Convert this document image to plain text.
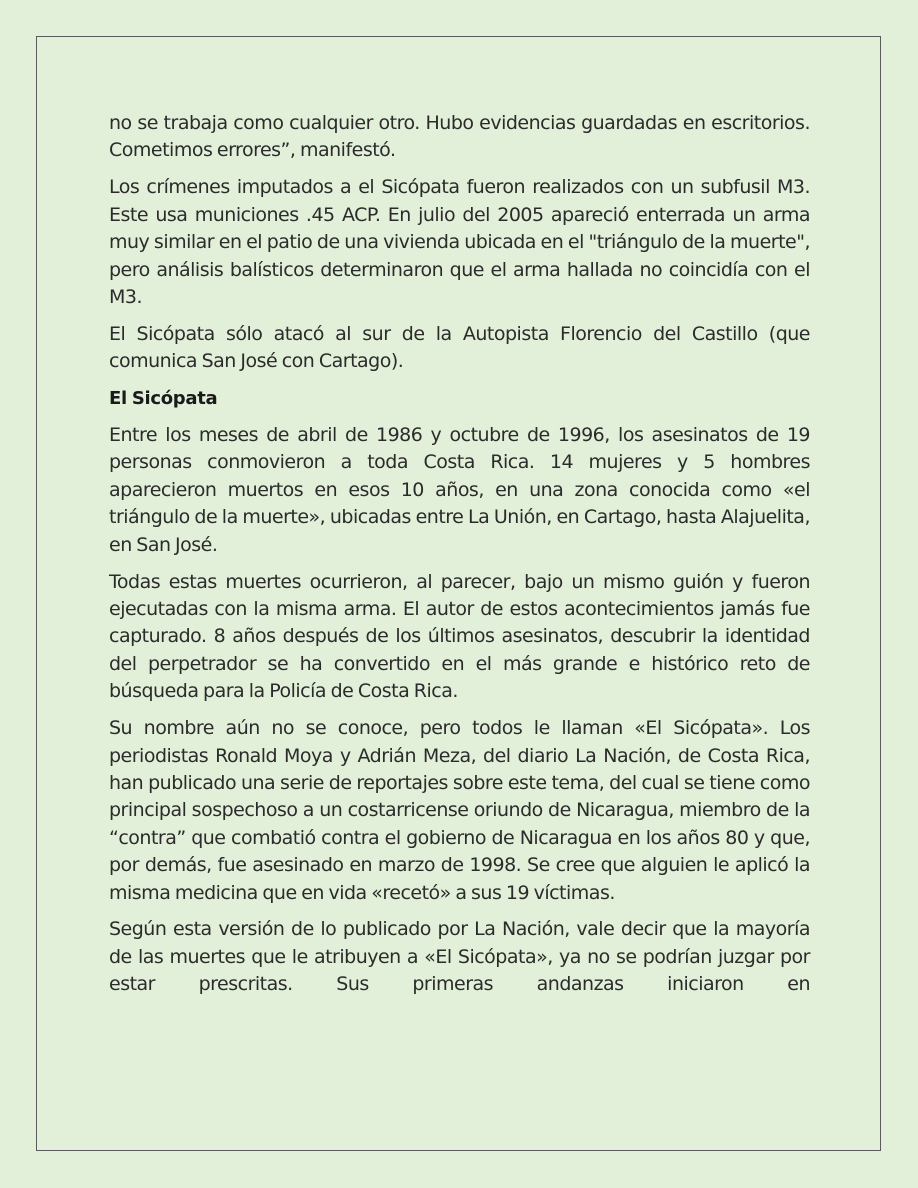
no se trabaja como cualquier otro. Hubo evidencias guardadas en escritorios. Cometimos errores”, manifestó.

Los crímenes imputados a el Sicópata fueron realizados con un subfusil M3. Este usa municiones .45 ACP. En julio del 2005 apareció enterrada un arma muy similar en el patio de una vivienda ubicada en el "triángulo de la muerte", pero análisis balísticos determinaron que el arma hallada no coincidía con el M3.

El Sicópata sólo atacó al sur de la Autopista Florencio del Castillo (que comunica San José con Cartago).

El Sicópata

Entre los meses de abril de 1986 y octubre de 1996, los asesinatos de 19 personas conmovieron a toda Costa Rica. 14 mujeres y 5 hombres aparecieron muertos en esos 10 años, en una zona conocida como «el triángulo de la muerte», ubicadas entre La Unión, en Cartago, hasta Alajuelita, en San José.

Todas estas muertes ocurrieron, al parecer, bajo un mismo guión y fueron ejecutadas con la misma arma. El autor de estos acontecimientos jamás fue capturado. 8 años después de los últimos asesinatos, descubrir la identidad del perpetrador se ha convertido en el más grande e histórico reto de búsqueda para la Policía de Costa Rica.

Su nombre aún no se conoce, pero todos le llaman «El Sicópata». Los periodistas Ronald Moya y Adrián Meza, del diario La Nación, de Costa Rica, han publicado una serie de reportajes sobre este tema, del cual se tiene como principal sospechoso a un costarricense oriundo de Nicaragua, miembro de la “contra” que combatió contra el gobierno de Nicaragua en los años 80 y que, por demás, fue asesinado en marzo de 1998. Se cree que alguien le aplicó la misma medicina que en vida «recetó» a sus 19 víctimas.

Según esta versión de lo publicado por La Nación, vale decir que la mayoría de las muertes que le atribuyen a «El Sicópata», ya no se podrían juzgar por estar prescritas. Sus primeras andanzas iniciaron en
